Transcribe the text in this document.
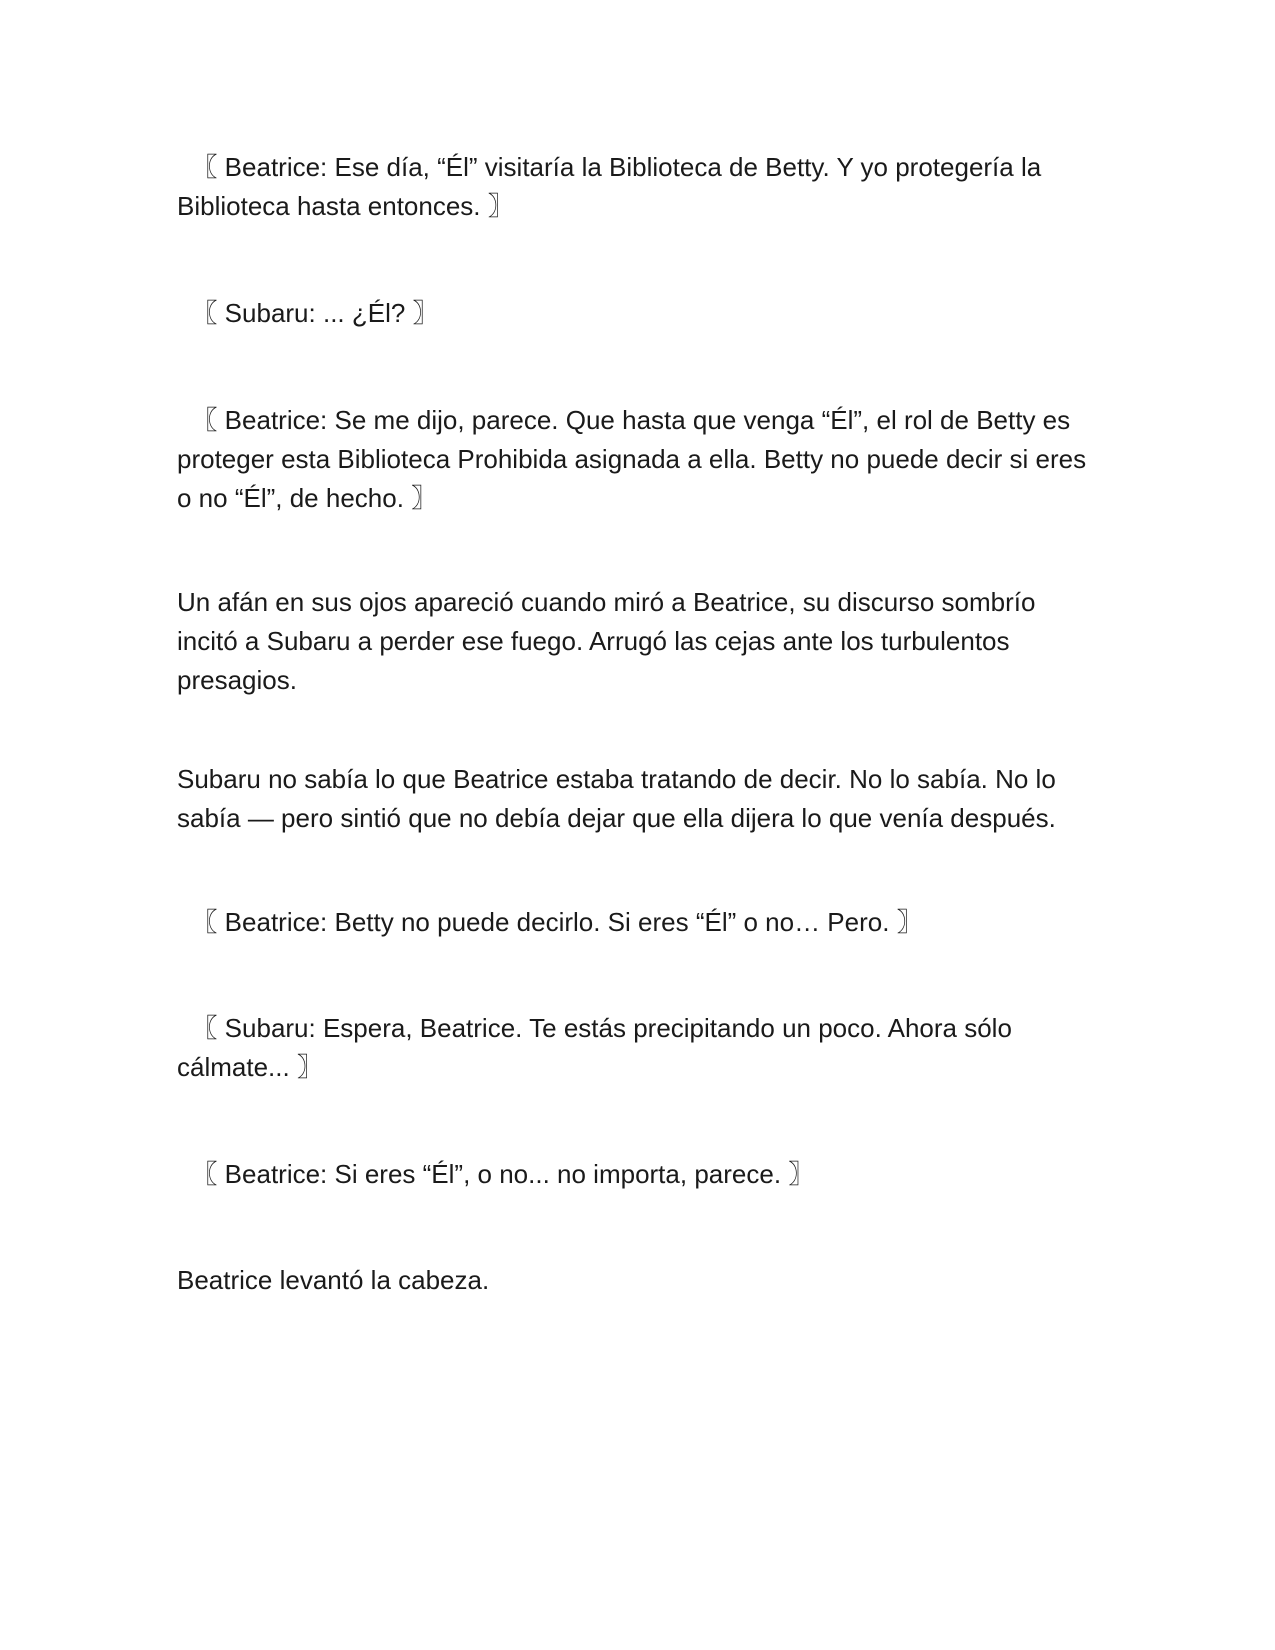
〖 Beatrice: Ese día, “Él” visitaría la Biblioteca de Betty. Y yo protegería la Biblioteca hasta entonces. 〗

〖 Subaru: ... ¿Él? 〗

〖 Beatrice: Se me dijo, parece. Que hasta que venga “Él”, el rol de Betty es proteger esta Biblioteca Prohibida asignada a ella. Betty no puede decir si eres o no “Él”, de hecho. 〗

Un afán en sus ojos apareció cuando miró a Beatrice, su discurso sombrío incitó a Subaru a perder ese fuego. Arrugó las cejas ante los turbulentos presagios.

Subaru no sabía lo que Beatrice estaba tratando de decir. No lo sabía. No lo sabía — pero sintió que no debía dejar que ella dijera lo que venía después.

〖 Beatrice: Betty no puede decirlo. Si eres “Él” o no… Pero. 〗

〖 Subaru: Espera, Beatrice. Te estás precipitando un poco. Ahora sólo cálmate... 〗

〖 Beatrice: Si eres “Él”, o no... no importa, parece. 〗

Beatrice levantó la cabeza.
